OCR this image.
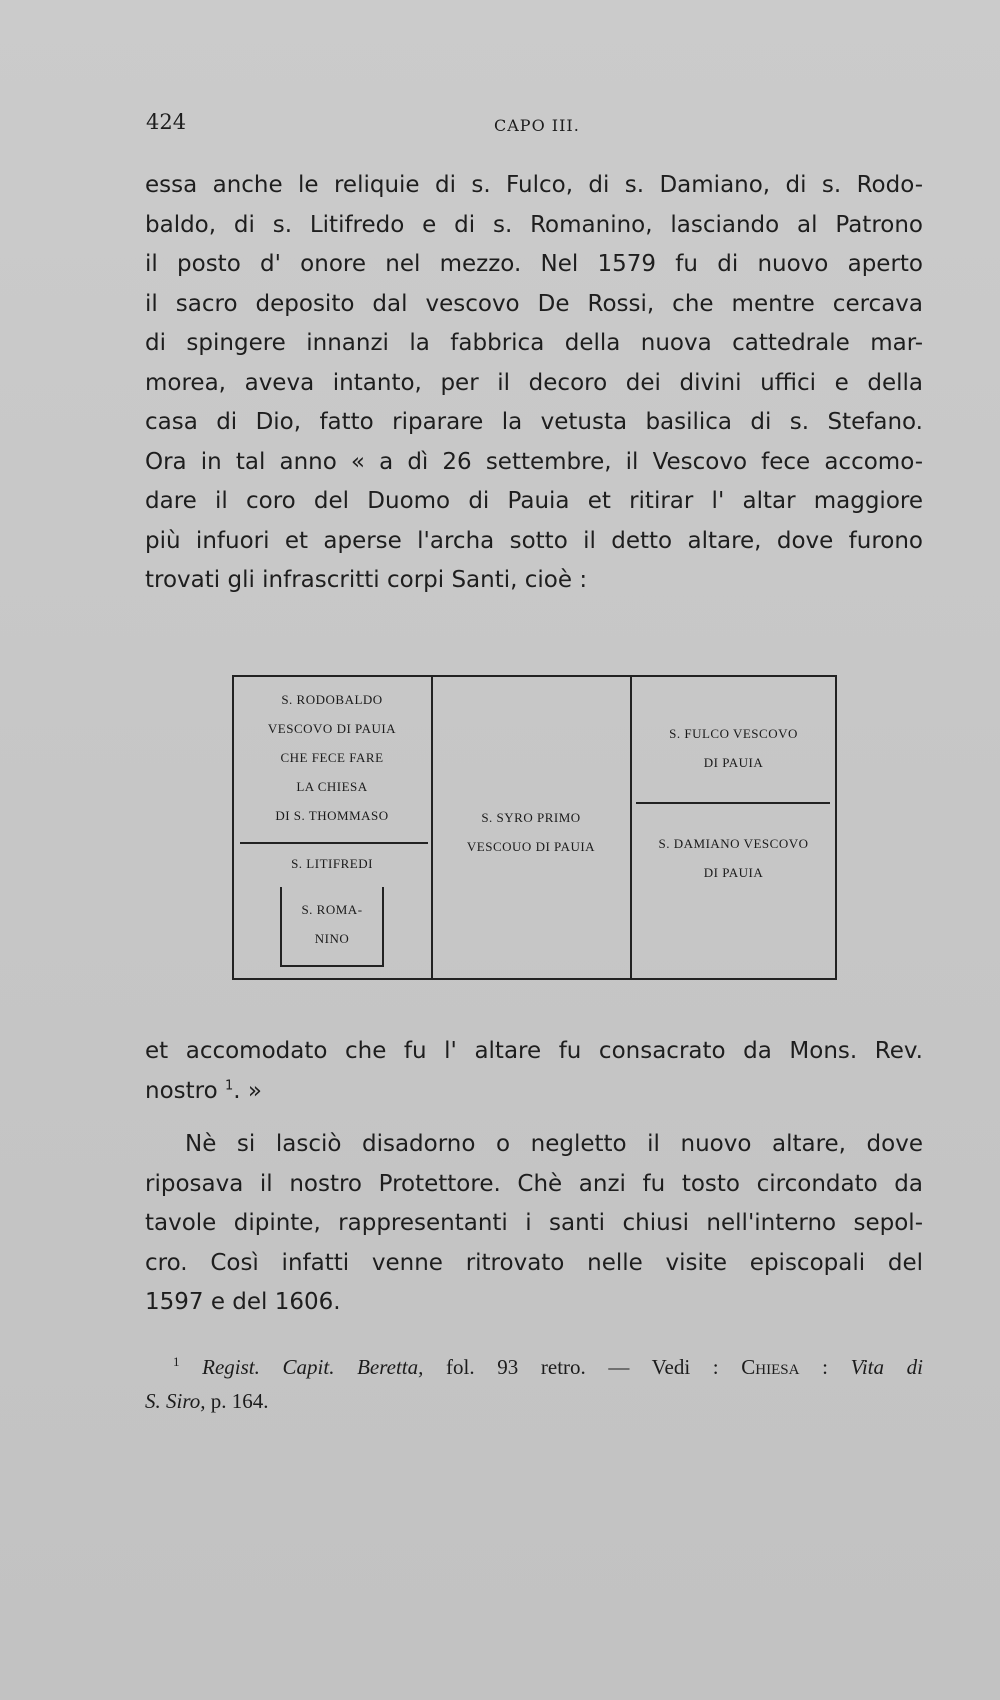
424	CAPO III.
essa anche le reliquie di s. Fulco, di s. Damiano, di s. Rodo-
baldo, di s. Litifredo e di s. Romanino, lasciando al Patrono
il posto d' onore nel mezzo. Nel 1579 fu di nuovo aperto
il sacro deposito dal vescovo De Rossi, che mentre cercava
di spingere innanzi la fabbrica della nuova cattedrale mar-
morea, aveva intanto, per il decoro dei divini uffici e della
casa di Dio, fatto riparare la vetusta basilica di s. Stefano.
Ora in tal anno « a dì 26 settembre, il Vescovo fece accomo-
dare il coro del Duomo di Pauia et ritirar l' altar maggiore
più infuori et aperse l'archa sotto il detto altare, dove furono
trovati gli infrascritti corpi Santi, cioè :
S. RODOBALDO
VESCOVO DI PAUIA
CHE FECE FARE
LA CHIESA
DI S. THOMMASO
S. LITIFREDI
S. ROMA-
NINO
S. SYRO PRIMO
VESCOUO DI PAUIA
S. FULCO VESCOVO
DI PAUIA
S. DAMIANO VESCOVO
DI PAUIA
et accomodato che fu l' altare fu consacrato da Mons. Rev.
nostro $^1$. »
Nè si lasciò disadorno o negletto il nuovo altare, dove
riposava il nostro Protettore. Chè anzi fu tosto circondato da
tavole dipinte, rappresentanti i santi chiusi nell'interno sepol-
cro. Così infatti venne ritrovato nelle visite episcopali del
1597 e del 1606.
$^1$ Regist. Capit. Beretta, fol. 93 retro. — Vedi : Chiesa : Vita di
S. Siro, p. 164.
